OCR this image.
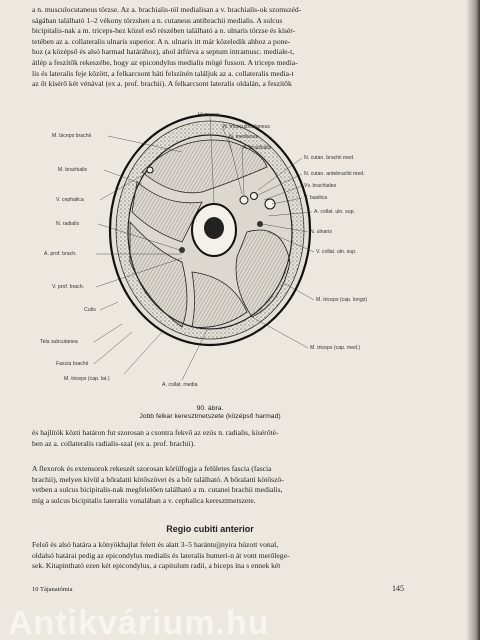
a n. musculocutaneus törzse. Az a. brachialis-tól medialisan a v. brachialis-ok szomszéd-
ságában található 1–2 vékony törzshen a n. cutaneus antibrachii medialis. A sulcus
bicipitalis-nak a m. triceps-hez közel eső részében található a n. ulnaris törzse és kísér-
tetében az a. collateralis ulnaris superior. A n. ulnaris itt már közeledik ahhoz a pone-
hoz (a középső és alsó harmad határához), ahol átfúrva a septum intramusc. mediale-t,
átlép a feszítők rekeszébe, hogy az epicondylus medialis mögé fusson. A triceps media-
lis és lateralis feje között, a felkarcsont háti felszínén találjuk az a. collateralis media-t
az őt kísérő két vénával (ex a. prof. brachii). A felkarcsont lateralis oldalán, a feszítők
M. biceps brachii
M. brachialis
V. cephalica
N. radialis
A. prof. brach.
V. prof. brach.
Cutis
Tela subcutanea
Fascia brachii
M. triceps (cap. lat.)
Humerus
N. musculocutaneus
N. medianus
A. brachialis
N. cutan. brachii med.
N. cutan. antebrachii med.
Vv. brachiales
V. basilica
A. collat. uln. sup.
N. ulnaris
V. collat. uln. sup.
M. triceps (cap. longs)
M. triceps (cap. med.)
A. collat. media
90. ábra.
Jobb felkar keresztmetszete (középső harmad)
és hajlítók közti határon fut szorosan a csontra fekvő az ezös n. radialis, kísérőté-
ben az a. collateralis radialis-szal (ex a. prof. brachii).
A flexorok és extensorok rekeszét szorosan körülfogja a felületes fascia (fascia
brachii), melyen kívül a bőralatti kötőszövet és a bőr található. A bőralatti kötőszö-
vetben a sulcus bicipitalis-nak megfelelően található a m. cutanei brachii medialis,
míg a sulcus bicipitalis lateralis vonalában a v. cephalica keresztmetszete.
Regio cubiti anterior
Felső és alsó határa a könyökhajlat felett és alatt 3–5 harántujjnyira húzott vonal,
oldalsó határai pedig az epicondylus medialis és lateralis humeri-n át vont merőlege-
sek. Kitapintható ezen két epicondylus, a capitulum radii, a biceps ína s ennek két
10 Tájanatómia	145
Antikvárium.hu
